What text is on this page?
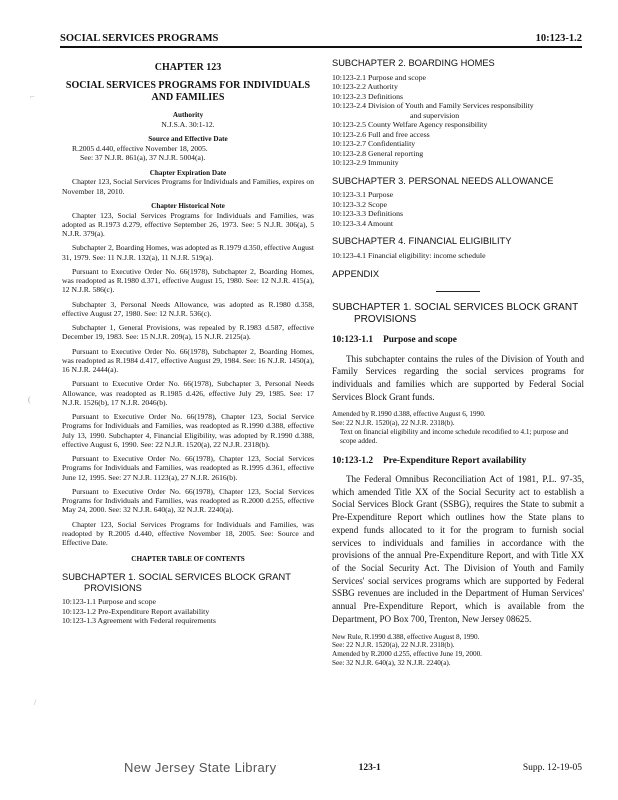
SOCIAL SERVICES PROGRAMS	10:123-1.2
CHAPTER 123
SOCIAL SERVICES PROGRAMS FOR INDIVIDUALS AND FAMILIES
Authority
N.J.S.A. 30:1-12.
Source and Effective Date
R.2005 d.440, effective November 18, 2005.
See: 37 N.J.R. 861(a), 37 N.J.R. 5004(a).
Chapter Expiration Date
Chapter 123, Social Services Programs for Individuals and Families, expires on November 18, 2010.
Chapter Historical Note
Chapter 123, Social Services Programs for Individuals and Families, was adopted as R.1973 d.279, effective September 26, 1973. See: 5 N.J.R. 306(a), 5 N.J.R. 379(a).
Subchapter 2, Boarding Homes, was adopted as R.1979 d.350, effective August 31, 1979. See: 11 N.J.R. 132(a), 11 N.J.R. 519(a).
Pursuant to Executive Order No. 66(1978), Subchapter 2, Boarding Homes, was readopted as R.1980 d.371, effective August 15, 1980. See: 12 N.J.R. 415(a), 12 N.J.R. 586(c).
Subchapter 3, Personal Needs Allowance, was adopted as R.1980 d.358, effective August 27, 1980. See: 12 N.J.R. 536(c).
Subchapter 1, General Provisions, was repealed by R.1983 d.587, effective December 19, 1983. See: 15 N.J.R. 209(a), 15 N.J.R. 2125(a).
Pursuant to Executive Order No. 66(1978), Subchapter 2, Boarding Homes, was readopted as R.1984 d.417, effective August 29, 1984. See: 16 N.J.R. 1450(a), 16 N.J.R. 2444(a).
Pursuant to Executive Order No. 66(1978), Subchapter 3, Personal Needs Allowance, was readopted as R.1985 d.426, effective July 29, 1985. See: 17 N.J.R. 1526(b), 17 N.J.R. 2046(b).
Pursuant to Executive Order No. 66(1978), Chapter 123, Social Service Programs for Individuals and Families, was readopted as R.1990 d.388, effective July 13, 1990. Subchapter 4, Financial Eligibility, was adopted by R.1990 d.388, effective August 6, 1990. See: 22 N.J.R. 1520(a), 22 N.J.R. 2318(b).
Pursuant to Executive Order No. 66(1978), Chapter 123, Social Services Programs for Individuals and Families, was readopted as R.1995 d.361, effective June 12, 1995. See: 27 N.J.R. 1123(a), 27 N.J.R. 2616(b).
Pursuant to Executive Order No. 66(1978), Chapter 123, Social Services Programs for Individuals and Families, was readopted as R.2000 d.255, effective May 24, 2000. See: 32 N.J.R. 640(a), 32 N.J.R. 2240(a).
Chapter 123, Social Services Programs for Individuals and Families, was readopted by R.2005 d.440, effective November 18, 2005. See: Source and Effective Date.
CHAPTER TABLE OF CONTENTS
SUBCHAPTER 1. SOCIAL SERVICES BLOCK GRANT
PROVISIONS
10:123-1.1 Purpose and scope
10:123-1.2 Pre-Expenditure Report availability
10:123-1.3 Agreement with Federal requirements
SUBCHAPTER 2. BOARDING HOMES
10:123-2.1 Purpose and scope
10:123-2.2 Authority
10:123-2.3 Definitions
10:123-2.4 Division of Youth and Family Services responsibility
and supervision
10:123-2.5 County Welfare Agency responsibility
10:123-2.6 Full and free access
10:123-2.7 Confidentiality
10:123-2.8 General reporting
10:123-2.9 Immunity
SUBCHAPTER 3. PERSONAL NEEDS ALLOWANCE
10:123-3.1 Purpose
10:123-3.2 Scope
10:123-3.3 Definitions
10:123-3.4 Amount
SUBCHAPTER 4. FINANCIAL ELIGIBILITY
10:123-4.1 Financial eligibility: income schedule
APPENDIX
SUBCHAPTER 1. SOCIAL SERVICES BLOCK GRANT
PROVISIONS
10:123-1.1 Purpose and scope

This subchapter contains the rules of the Division of Youth and Family Services regarding the social services programs for individuals and families which are supported by Federal Social Services Block Grant funds.

Amended by R.1990 d.388, effective August 6, 1990.

See: 22 N.J.R. 1520(a), 22 N.J.R. 2318(b).

Text on financial eligibility and income schedule recodified to 4.1; purpose and scope added.

10:123-1.2 Pre-Expenditure Report availability

The Federal Omnibus Reconciliation Act of 1981, P.L. 97-35, which amended Title XX of the Social Security act to establish a Social Services Block Grant (SSBG), requires the State to submit a Pre-Expenditure Report which outlines how the State plans to expend funds allocated to it for the program to furnish social services to individuals and families in accordance with the provisions of the annual Pre-Expenditure Report, and with Title XX of the Social Security Act. The Division of Youth and Family Services' social services programs which are supported by Federal SSBG revenues are included in the Department of Human Services' annual Pre-Expenditure Report, which is available from the Department, PO Box 700, Trenton, New Jersey 08625.

New Rule, R.1990 d.388, effective August 8, 1990.

See: 22 N.J.R. 1520(a), 22 N.J.R. 2318(b).

Amended by R.2000 d.255, effective June 19, 2000.

See: 32 N.J.R. 640(a), 32 N.J.R. 2240(a).

⌐
(
/
New Jersey State Library	123-1	Supp. 12-19-05
